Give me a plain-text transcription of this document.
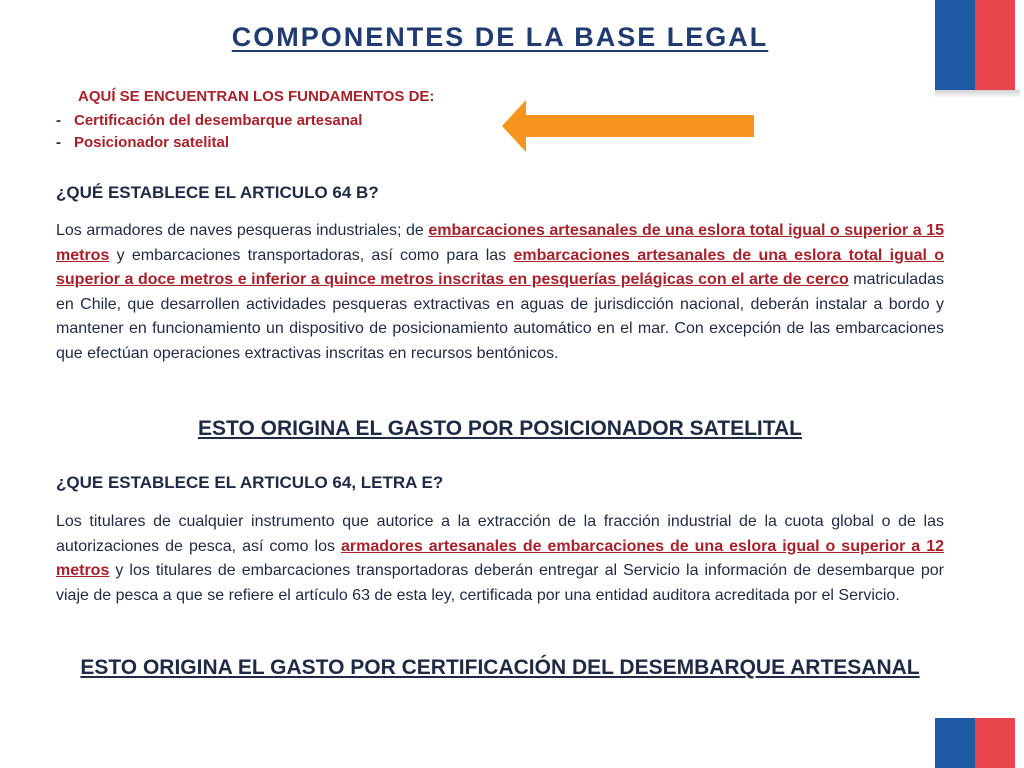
COMPONENTES DE LA BASE LEGAL
AQUÍ SE ENCUENTRAN LOS FUNDAMENTOS DE:
- Certificación del desembarque artesanal
- Posicionador satelital
¿QUÉ ESTABLECE EL ARTICULO 64 B?
Los armadores de naves pesqueras industriales; de embarcaciones artesanales de una eslora total igual o superior a 15 metros y embarcaciones transportadoras, así como para las embarcaciones artesanales de una eslora total igual o superior a doce metros e inferior a quince metros inscritas en pesquerías pelágicas con el arte de cerco matriculadas en Chile, que desarrollen actividades pesqueras extractivas en aguas de jurisdicción nacional, deberán instalar a bordo y mantener en funcionamiento un dispositivo de posicionamiento automático en el mar. Con excepción de las embarcaciones que efectúan operaciones extractivas inscritas en recursos bentónicos.
ESTO ORIGINA EL GASTO POR POSICIONADOR SATELITAL
¿QUE ESTABLECE EL ARTICULO 64, LETRA E?
Los titulares de cualquier instrumento que autorice a la extracción de la fracción industrial de la cuota global o de las autorizaciones de pesca, así como los armadores artesanales de embarcaciones de una eslora igual o superior a 12 metros y los titulares de embarcaciones transportadoras deberán entregar al Servicio la información de desembarque por viaje de pesca a que se refiere el artículo 63 de esta ley, certificada por una entidad auditora acreditada por el Servicio.
ESTO ORIGINA EL GASTO POR CERTIFICACIÓN DEL DESEMBARQUE ARTESANAL
